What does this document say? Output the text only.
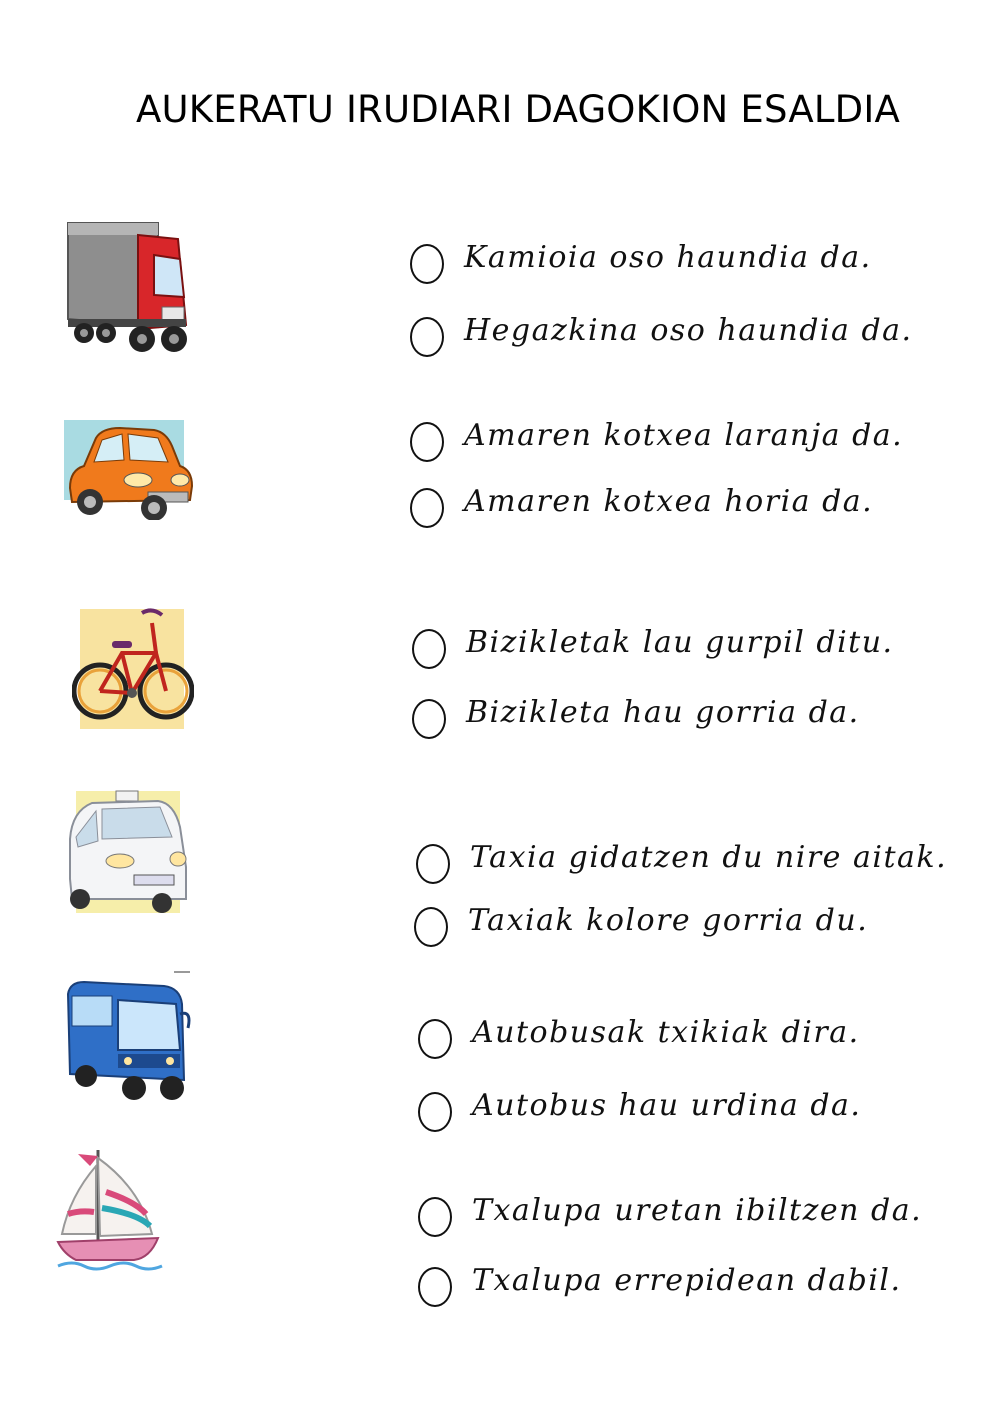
AUKERATU IRUDIARI DAGOKION ESALDIA
Kamioia oso haundia da.
Hegazkina oso haundia da.
Amaren kotxea laranja da.
Amaren kotxea horia da.
Bizikletak lau gurpil ditu.
Bizikleta hau gorria da.
Taxia gidatzen du nire aitak.
Taxiak kolore gorria du.
Autobusak txikiak dira.
Autobus hau urdina da.
Txalupa uretan ibiltzen da.
Txalupa errepidean dabil.
